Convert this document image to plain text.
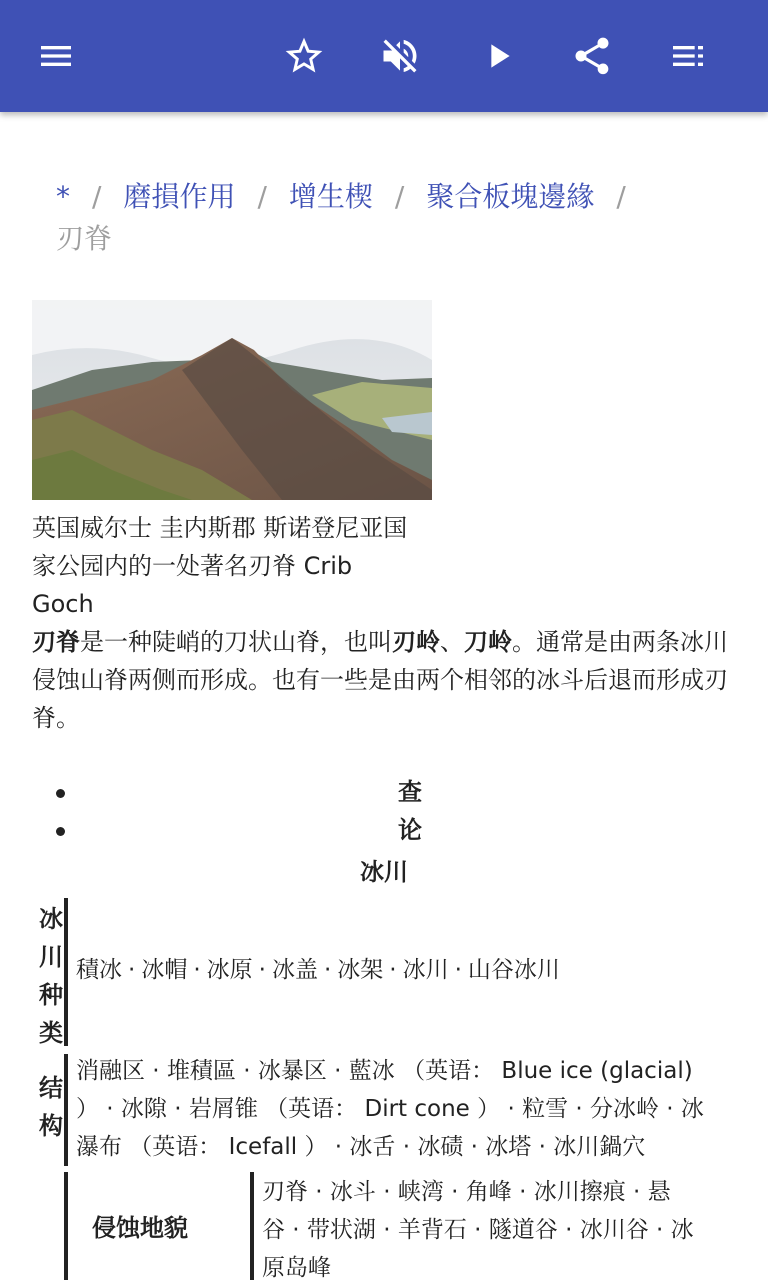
* / 磨損作用 / 增生楔 / 聚合板塊邊緣 /
刃脊
英国威尔士 圭内斯郡 斯诺登尼亚国
家公园内的一处著名刃脊 Crib
Goch
刃脊是一种陡峭的刀状山脊，也叫刃岭、刀岭。通常是由两条冰川侵蚀山脊两侧而形成。也有一些是由两个相邻的冰斗后退而形成刃脊。
查
论
冰川
冰
川
种
类
積冰 · 冰帽 · 冰原 · 冰盖 · 冰架 · 冰川 · 山谷冰川
结
构
消融区 · 堆積區 · 冰暴区 · 藍冰 （英语： Blue ice (glacial)
） · 冰隙 · 岩屑锥 （英语： Dirt cone ） · 粒雪 · 分冰岭 · 冰
瀑布 （英语： Icefall ） · 冰舌 · 冰碛 · 冰塔 · 冰川鍋穴
侵蚀地貌
刃脊 · 冰斗 · 峡湾 · 角峰 · 冰川擦痕 · 悬
谷 · 带状湖 · 羊背石 · 隧道谷 · 冰川谷 · 冰
原岛峰
